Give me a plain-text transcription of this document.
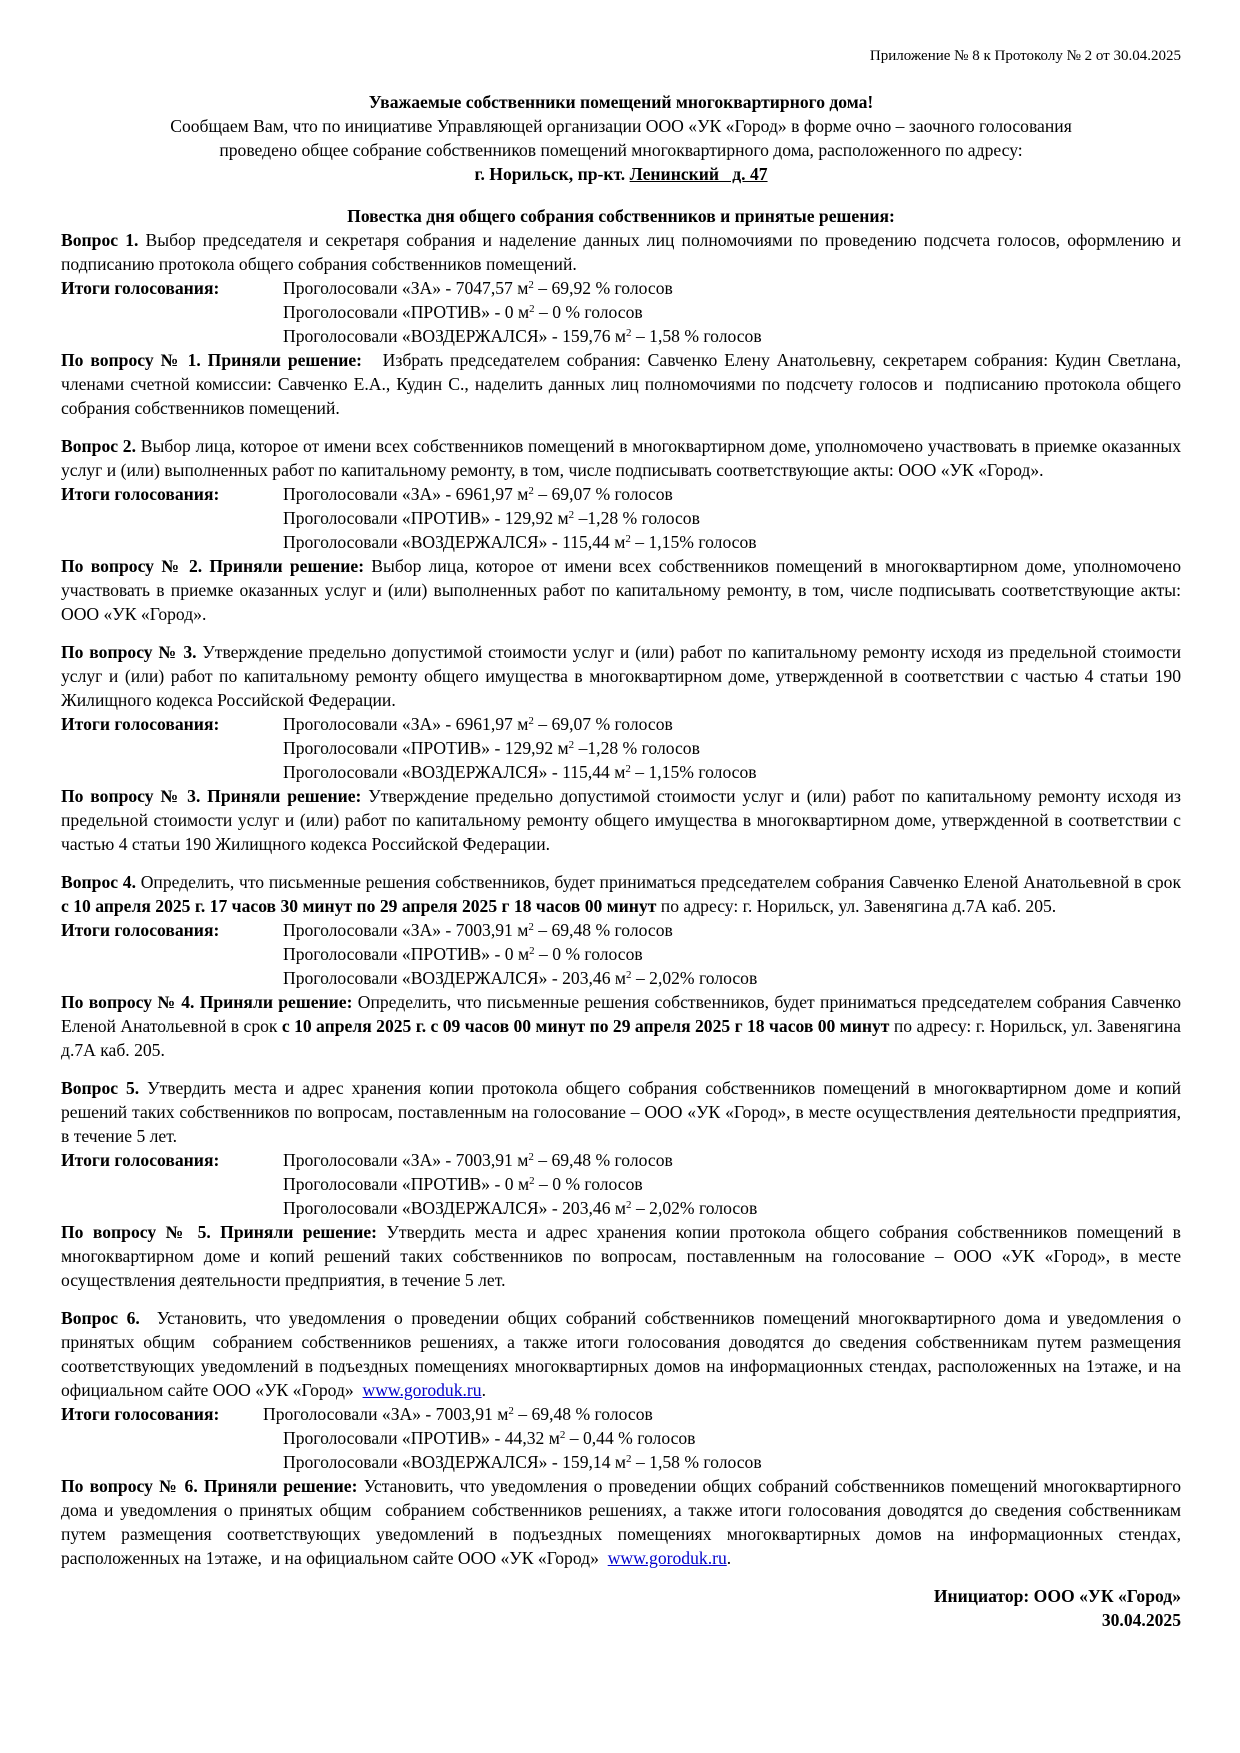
Приложение № 8 к Протоколу № 2 от 30.04.2025

Уважаемые собственники помещений многоквартирного дома!
Сообщаем Вам, что по инициативе Управляющей организации ООО «УК «Город» в форме очно – заочного голосования
проведено общее собрание собственников помещений многоквартирного дома, расположенного по адресу:
г. Норильск, пр-кт. Ленинский   д. 47
Повестка дня общего собрания собственников и принятые решения:

Вопрос 1. Выбор председателя и секретаря собрания и наделение данных лиц полномочиями по проведению подсчета голосов, оформлению и подписанию протокола общего собрания собственников помещений.

Итоги голосования:	Проголосовали «ЗА» - 7047,57 $м^2 - 69,92$ % голосов
Проголосовали «ПРОТИВ» - 0 $м^2 - 0$ % голосов
Проголосовали «ВОЗДЕРЖАЛСЯ» - 159,76 $м^2 - 1,58$ % голосов

По вопросу № 1. Приняли решение:   Избрать председателем собрания: Савченко Елену Анатольевну, секретарем собрания: Кудин Светлана, членами счетной комиссии: Савченко Е.А., Кудин С., наделить данных лиц полномочиями по подсчету голосов и  подписанию протокола общего собрания собственников помещений.

Вопрос 2. Выбор лица, которое от имени всех собственников помещений в многоквартирном доме, уполномочено участвовать в приемке оказанных услуг и (или) выполненных работ по капитальному ремонту, в том, числе подписывать соответствующие акты: ООО «УК «Город».

Итоги голосования:	Проголосовали «ЗА» - 6961,97 $м^2 - 69,07$ % голосов
Проголосовали «ПРОТИВ» - 129,92 $м^2$ –1,28 % голосов
Проголосовали «ВОЗДЕРЖАЛСЯ» - 115,44 $м^2 - 1,15\%$ голосов

По вопросу № 2. Приняли решение: Выбор лица, которое от имени всех собственников помещений в многоквартирном доме, уполномочено участвовать в приемке оказанных услуг и (или) выполненных работ по капитальному ремонту, в том, числе подписывать соответствующие акты: ООО «УК «Город».

По вопросу № 3. Утверждение предельно допустимой стоимости услуг и (или) работ по капитальному ремонту исходя из предельной стоимости услуг и (или) работ по капитальному ремонту общего имущества в многоквартирном доме, утвержденной в соответствии с частью 4 статьи 190 Жилищного кодекса Российской Федерации.

Итоги голосования:	Проголосовали «ЗА» - 6961,97 $м^2 - 69,07$ % голосов
Проголосовали «ПРОТИВ» - 129,92 $м^2$ –1,28 % голосов
Проголосовали «ВОЗДЕРЖАЛСЯ» - 115,44 $м^2 - 1,15\%$ голосов

По вопросу № 3. Приняли решение: Утверждение предельно допустимой стоимости услуг и (или) работ по капитальному ремонту исходя из предельной стоимости услуг и (или) работ по капитальному ремонту общего имущества в многоквартирном доме, утвержденной в соответствии с частью 4 статьи 190 Жилищного кодекса Российской Федерации.

Вопрос 4. Определить, что письменные решения собственников, будет приниматься председателем собрания Савченко Еленой Анатольевной в срок с 10 апреля 2025 г. 17 часов 30 минут по 29 апреля 2025 г 18 часов 00 минут по адресу: г. Норильск, ул. Завенягина д.7А каб. 205.

Итоги голосования:	Проголосовали «ЗА» - 7003,91 $м^2 - 69,48$ % голосов
Проголосовали «ПРОТИВ» - 0 $м^2 - 0$ % голосов
Проголосовали «ВОЗДЕРЖАЛСЯ» - 203,46 $м^2 - 2,02\%$ голосов

По вопросу № 4. Приняли решение: Определить, что письменные решения собственников, будет приниматься председателем собрания Савченко Еленой Анатольевной в срок с 10 апреля 2025 г. с 09 часов 00 минут по 29 апреля 2025 г 18 часов 00 минут по адресу: г. Норильск, ул. Завенягина д.7А каб. 205.

Вопрос 5. Утвердить места и адрес хранения копии протокола общего собрания собственников помещений в многоквартирном доме и копий решений таких собственников по вопросам, поставленным на голосование – ООО «УК «Город», в месте осуществления деятельности предприятия, в течение 5 лет.

Итоги голосования:	Проголосовали «ЗА» - 7003,91 $м^2 - 69,48$ % голосов
Проголосовали «ПРОТИВ» - 0 $м^2 - 0$ % голосов
Проголосовали «ВОЗДЕРЖАЛСЯ» - 203,46 $м^2 - 2,02\%$ голосов

По вопросу № 5. Приняли решение: Утвердить места и адрес хранения копии протокола общего собрания собственников помещений в многоквартирном доме и копий решений таких собственников по вопросам, поставленным на голосование – ООО «УК «Город», в месте осуществления деятельности предприятия, в течение 5 лет.

Вопрос 6.  Установить, что уведомления о проведении общих собраний собственников помещений многоквартирного дома и уведомления о принятых общим  собранием собственников решениях, а также итоги голосования доводятся до сведения собственникам путем размещения соответствующих уведомлений в подъездных помещениях многоквартирных домов на информационных стендах, расположенных на 1этаже, и на официальном сайте ООО «УК «Город»  www.goroduk.ru.

Итоги голосования:	Проголосовали «ЗА» - 7003,91 $м^2 - 69,48$ % голосов
Проголосовали «ПРОТИВ» - 44,32 $м^2 - 0,44$ % голосов
Проголосовали «ВОЗДЕРЖАЛСЯ» - 159,14 $м^2 - 1,58$ % голосов

По вопросу № 6. Приняли решение: Установить, что уведомления о проведении общих собраний собственников помещений многоквартирного дома и уведомления о принятых общим  собранием собственников решениях, а также итоги голосования доводятся до сведения собственникам путем размещения соответствующих уведомлений в подъездных помещениях многоквартирных домов на информационных стендах, расположенных на 1этаже,  и на официальном сайте ООО «УК «Город»  www.goroduk.ru.

Инициатор: ООО «УК «Город»
30.04.2025
